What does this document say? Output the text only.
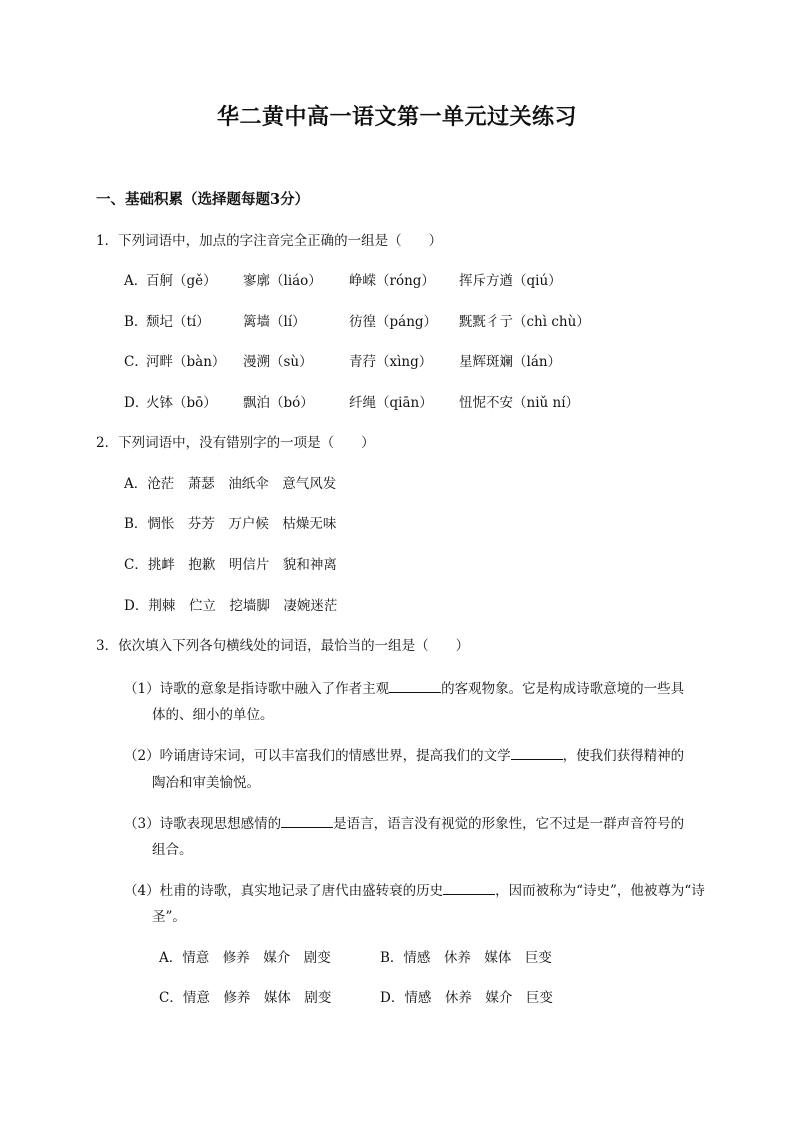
华二黄中高一语文第一单元过关练习
一、基础积累（选择题每题3分）
1．下列词语中，加点的字注音完全正确的一组是（　　）
A．
百舸（gě） 寥廓（liáo） 峥嵘（róng） 挥斥方遒（qiú）
B．
颓圮（tí） 篱墙（lí）	彷徨（páng） 黖黖彳亍（chì chù）
C．
河畔（bàn） 漫溯（sù）	青荇（xìng） 星辉斑斓（lán）
D．
火钵（bō） 飘泊（bó）	纤绳（qiān） 忸怩不安（niǔ ní）
2．下列词语中，没有错别字的一项是（　　）
A．沧茫　萧瑟　油纸伞　意气风发
B．惆怅　芬芳　万户候　枯燥无味
C．挑衅　抱歉　明信片　貌和神离
D．荆棘　伫立　挖墙脚　凄婉迷茫
3．依次填入下列各句横线处的词语，最恰当的一组是（　　）
（1）诗歌的意象是指诗歌中融入了作者主观	的客观物象。它是构成诗歌意境的一些具
体的、细小的单位。
（2）吟诵唐诗宋词，可以丰富我们的情感世界，提高我们的文学	，使我们获得精神的
陶冶和审美愉悦。
（3）诗歌表现思想感情的	是语言，语言没有视觉的形象性，它不过是一群声音符号的
组合。
（4）杜甫的诗歌，真实地记录了唐代由盛转衰的历史	，因而被称为“诗史”，他被尊为“诗
圣”。
A．情意　修养　媒介　剧变	B．情感　休养　媒体　巨变
C．情意　修养　媒体　剧变	D．情感　休养　媒介　巨变
